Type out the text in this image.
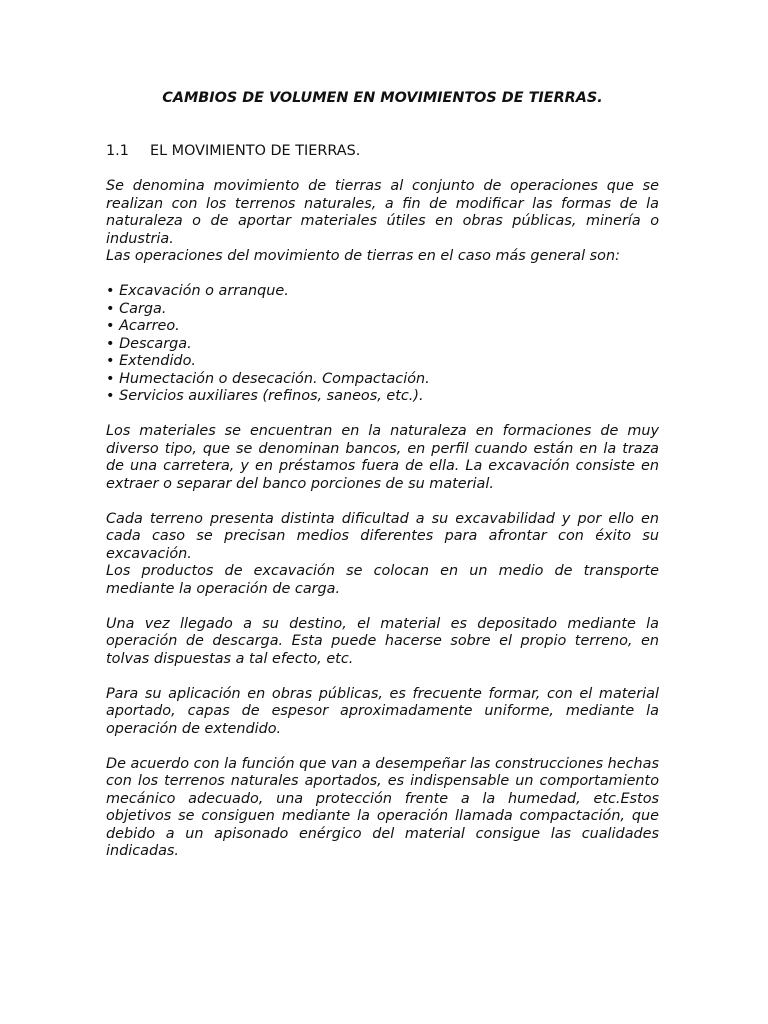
CAMBIOS DE VOLUMEN EN MOVIMIENTOS DE TIERRAS.
1.1	EL MOVIMIENTO DE TIERRAS.

Se denomina movimiento de tierras al conjunto de operaciones que se realizan con los terrenos naturales, a fin de modificar las formas de la naturaleza o de aportar materiales útiles en obras públicas, minería o industria.

Las operaciones del movimiento de tierras en el caso más general son:

• Excavación o arranque.
• Carga.
• Acarreo.
• Descarga.
• Extendido.
• Humectación o desecación. Compactación.
• Servicios auxiliares (refinos, saneos, etc.).

Los materiales se encuentran en la naturaleza en formaciones de muy diverso tipo, que se denominan bancos, en perfil cuando están en la traza de una carretera, y en préstamos fuera de ella. La excavación consiste en extraer o separar del banco porciones de su material.

Cada terreno presenta distinta dificultad a su excavabilidad y por ello en cada caso se precisan medios diferentes para afrontar con éxito su excavación.

Los productos de excavación se colocan en un medio de transporte mediante la operación de carga.

Una vez llegado a su destino, el material es depositado mediante la operación de descarga. Esta puede hacerse sobre el propio terreno, en tolvas dispuestas a tal efecto, etc.

Para su aplicación en obras públicas, es frecuente formar, con el material aportado, capas de espesor aproximadamente uniforme, mediante la operación de extendido.

De acuerdo con la función que van a desempeñar las construcciones hechas con los terrenos naturales aportados, es indispensable un comportamiento mecánico adecuado, una protección frente a la humedad, etc.Estos objetivos se consiguen mediante la operación llamada compactación, que debido a un apisonado enérgico del material consigue las cualidades indicadas.
